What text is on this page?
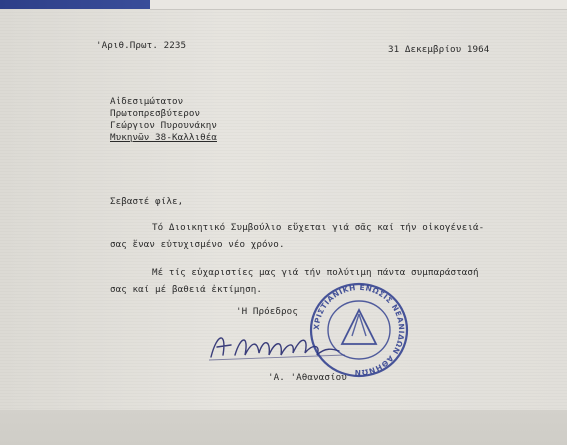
'Αριθ.Πρωτ. 2235	31 Δεκεμβρίου 1964
Αἰδεσιμώτατον
Πρωτοπρεσβύτερον
Γεώργιον Πυρουνάκην
Μυκηνῶν 38-Καλλιθέα
Σεβαστέ φίλε,
Τό Διοικητικό Συμβούλιο εὔχεται γιά σᾶς καί τήν οἰκογένειά-
σας ἕναν εὐτυχισμένο νέο χρόνο.
Μέ τίς εὐχαριστίες μας γιά τήν πολύτιμη πάντα συμπαράστασή
σας καί μέ βαθειά ἐκτίμηση.
'Η Πρόεδρος
ΧΡΙΣΤΙΑΝΙΚΗ ΕΝΩΣΙΣ ΝΕΑΝΙΔΩΝ ΑΘΗΝΩΝ
'Α. 'Αθανασίου
